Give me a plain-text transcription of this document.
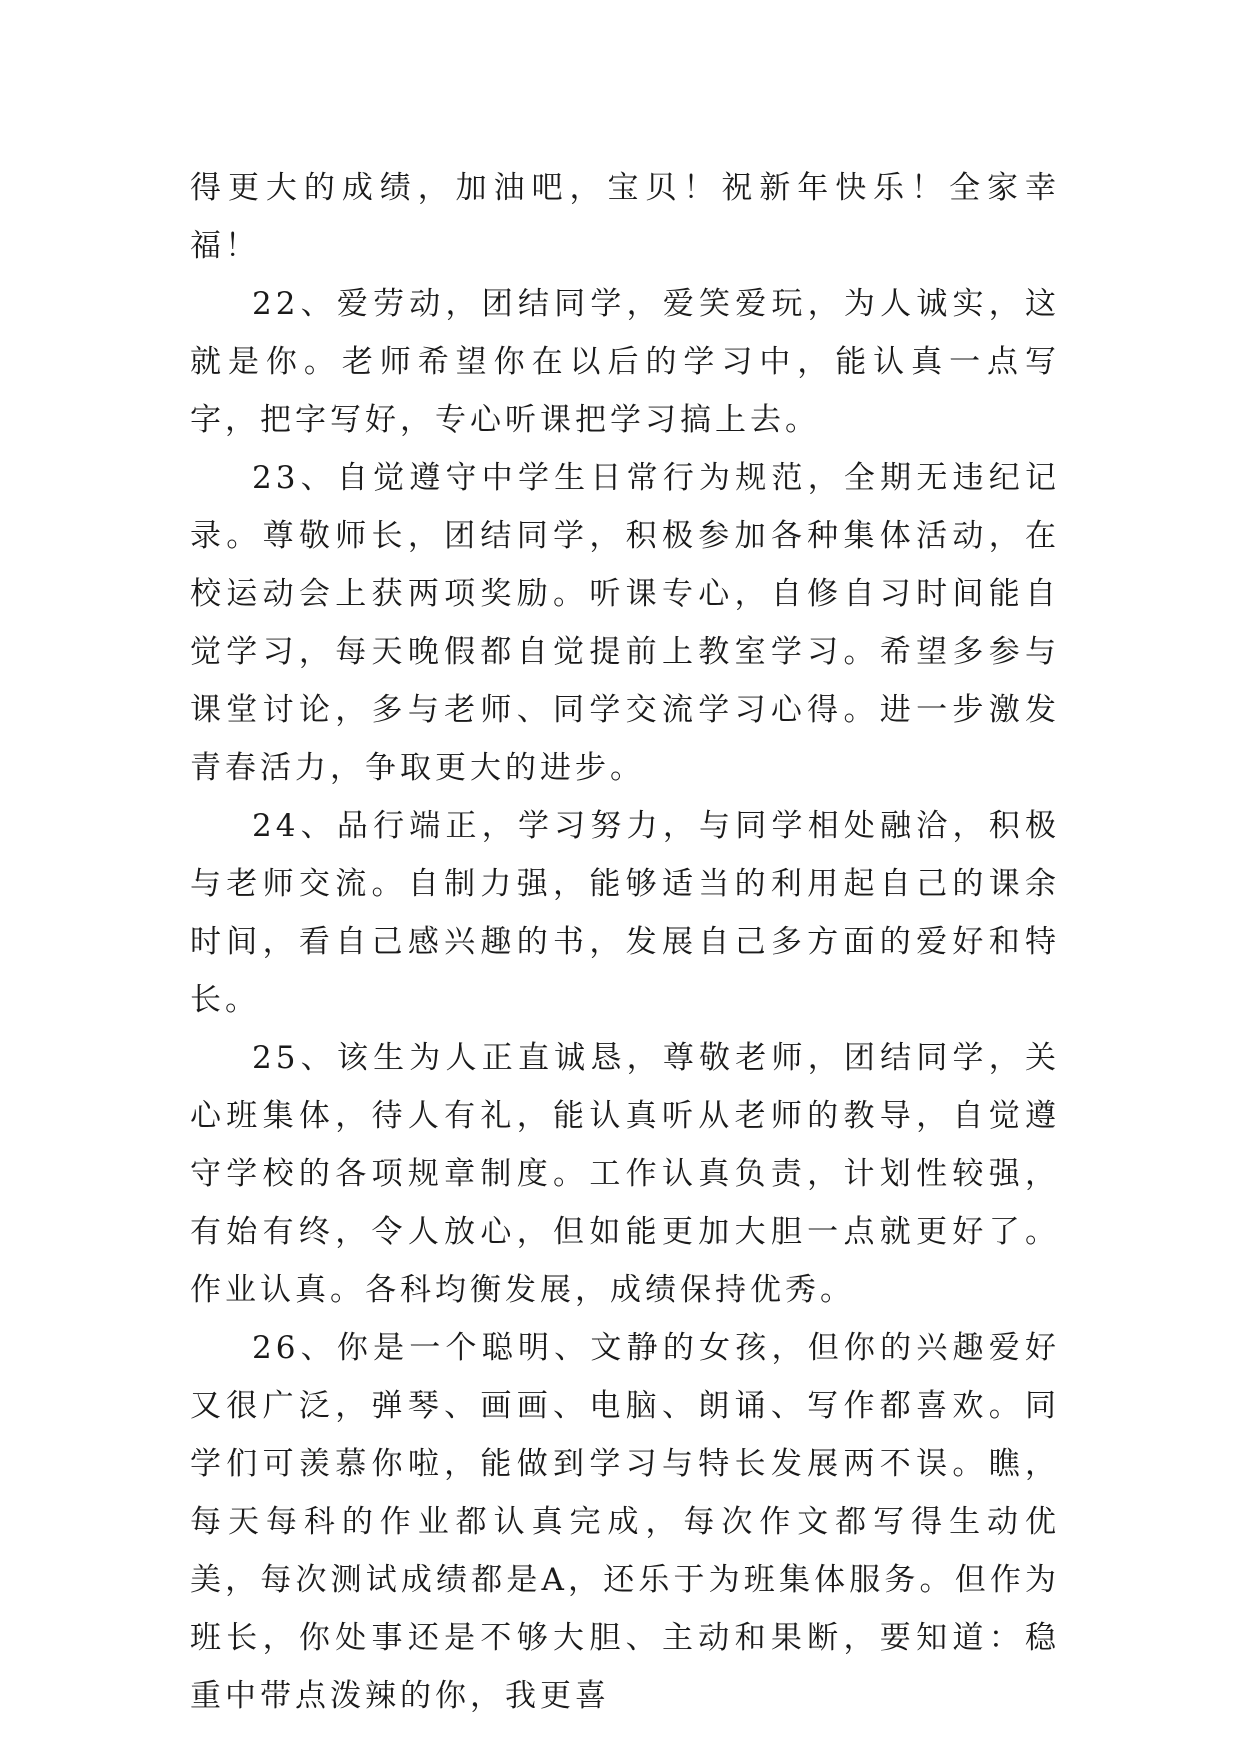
得更大的成绩，加油吧，宝贝！祝新年快乐！全家幸福！

22、爱劳动，团结同学，爱笑爱玩，为人诚实，这就是你。老师希望你在以后的学习中，能认真一点写字，把字写好，专心听课把学习搞上去。

23、自觉遵守中学生日常行为规范，全期无违纪记录。尊敬师长，团结同学，积极参加各种集体活动，在校运动会上获两项奖励。听课专心，自修自习时间能自觉学习，每天晚假都自觉提前上教室学习。希望多参与课堂讨论，多与老师、同学交流学习心得。进一步激发青春活力，争取更大的进步。

24、品行端正，学习努力，与同学相处融洽，积极与老师交流。自制力强，能够适当的利用起自己的课余时间，看自己感兴趣的书，发展自己多方面的爱好和特长。

25、该生为人正直诚恳，尊敬老师，团结同学，关心班集体，待人有礼，能认真听从老师的教导，自觉遵守学校的各项规章制度。工作认真负责，计划性较强，有始有终，令人放心，但如能更加大胆一点就更好了。作业认真。各科均衡发展，成绩保持优秀。

26、你是一个聪明、文静的女孩，但你的兴趣爱好又很广泛，弹琴、画画、电脑、朗诵、写作都喜欢。同学们可羡慕你啦，能做到学习与特长发展两不误。瞧，每天每科的作业都认真完成，每次作文都写得生动优美，每次测试成绩都是A，还乐于为班集体服务。但作为班长，你处事还是不够大胆、主动和果断，要知道：稳重中带点泼辣的你，我更喜
